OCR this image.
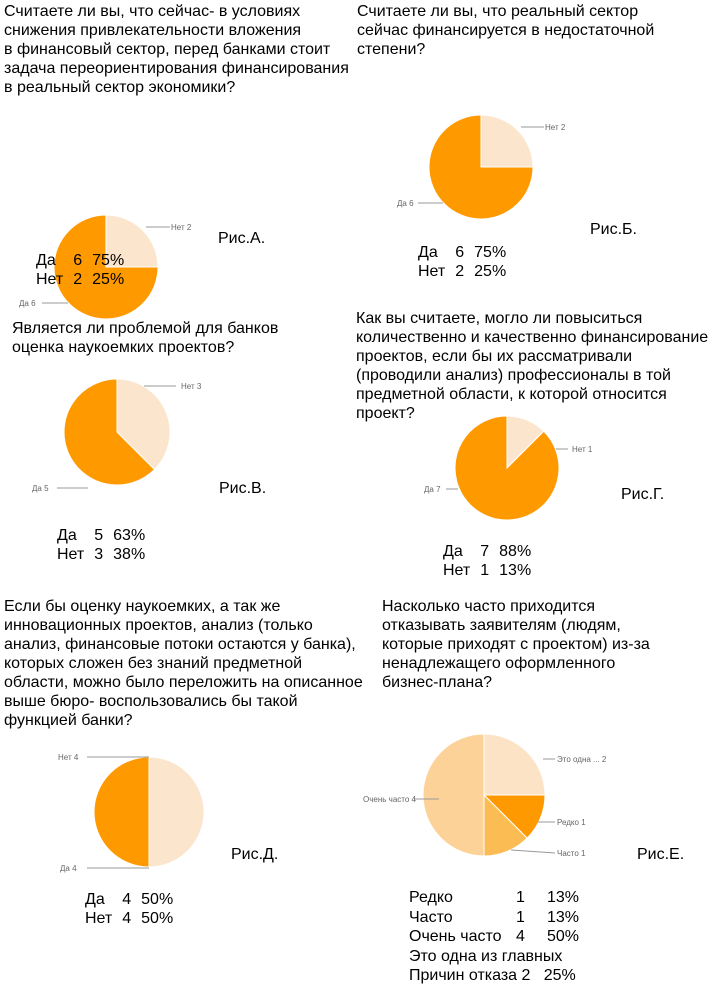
Считаете ли вы, что сейчас- в условиях
снижения привлекательности вложения
в финансовый сектор, перед банками стоит
задача переориентирования финансирования
в реальный сектор экономики?
Нет 2
Да 6
Рис.А.
Да	6	75%
Нет	2	25%
Считаете ли вы, что реальный сектор
сейчас финансируется в недостаточной
степени?
Нет 2
Да 6
Рис.Б.
Да	6	75%
Нет	2	25%
Является ли проблемой для банков
оценка наукоемких проектов?
Нет 3
Да 5	Рис.В.
Да	5	63%
Нет	3	38%
Как вы считаете, могло ли повыситься
количественно и качественно финансирование
проектов, если бы их рассматривали
(проводили анализ) профессионалы в той
предметной области, к которой относится
проект?
Нет 1
Да 7	Рис.Г.
Да	7	88%
Нет	1	13%
Если бы оценку наукоемких, а так же
инновационных проектов, анализ (только
анализ, финансовые потоки остаются у банка),
которых сложен без знаний предметной
области, можно было переложить на описанное
выше бюро- воспользовались бы такой
функцией банки?
Нет 4
Да 4
Рис.Д.
Да	4	50%
Нет	4	50%
Насколько часто приходится
отказывать заявителям (людям,
которые приходят с проектом) из-за
ненадлежащего оформленного
бизнес-плана?
Это одна ... 2
Редко 1
Часто 1
Очень часто 4
Рис.Е.
Редко	1 13%
Часто	1 13%
Очень часто 4 50%
Это одна из главных
Причин отказа 2   25%
